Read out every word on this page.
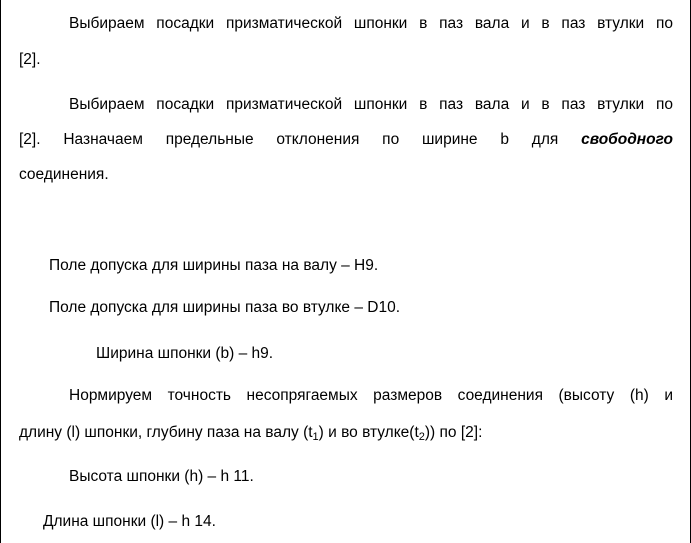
Выбираем посадки призматической шпонки в паз вала и в паз втулки по
[2].
Выбираем посадки призматической шпонки в паз вала и в паз втулки по
[2]. Назначаем предельные отклонения по ширине b для свободного
соединения.
Поле допуска для ширины паза на валу – H9.
Поле допуска для ширины паза во втулке – D10.
Ширина шпонки (b) – h9.
Нормируем точность несопрягаемых размеров соединения (высоту (h) и
длину (l) шпонки, глубину паза на валу (t1) и во втулке(t2)) по [2]:
Высота шпонки (h) – h 11.
Длина шпонки (l) – h 14.
